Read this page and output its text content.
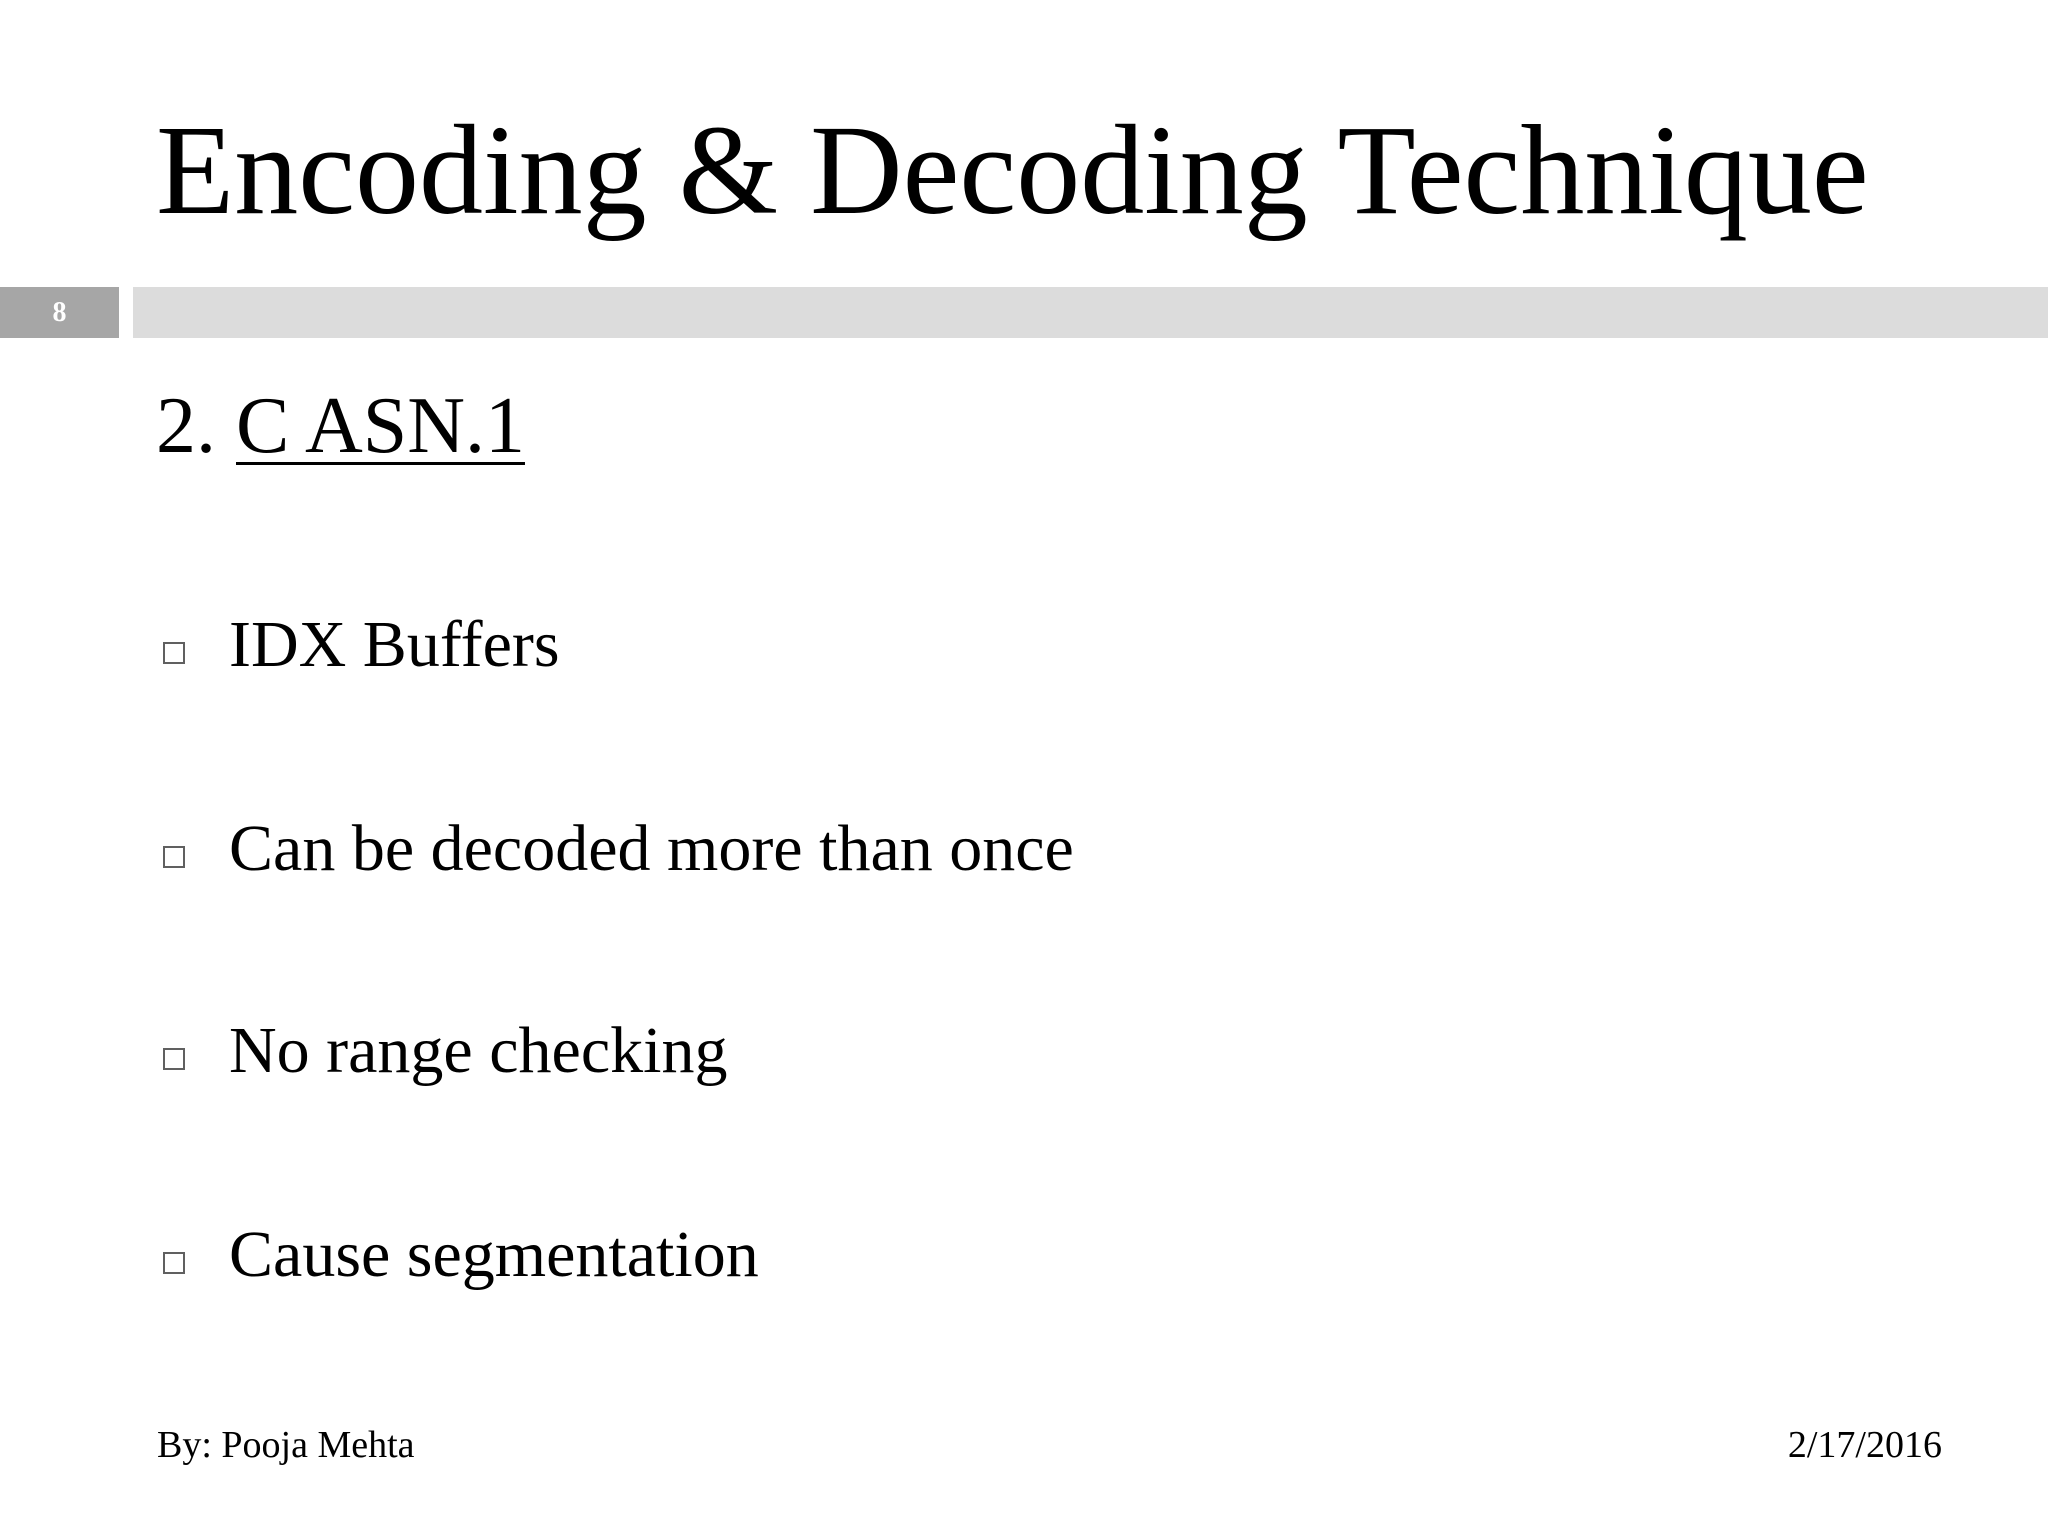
Encoding & Decoding Technique
8
2. C ASN.1
IDX Buffers
Can be decoded more than once
No range checking
Cause segmentation
By: Pooja Mehta	2/17/2016
